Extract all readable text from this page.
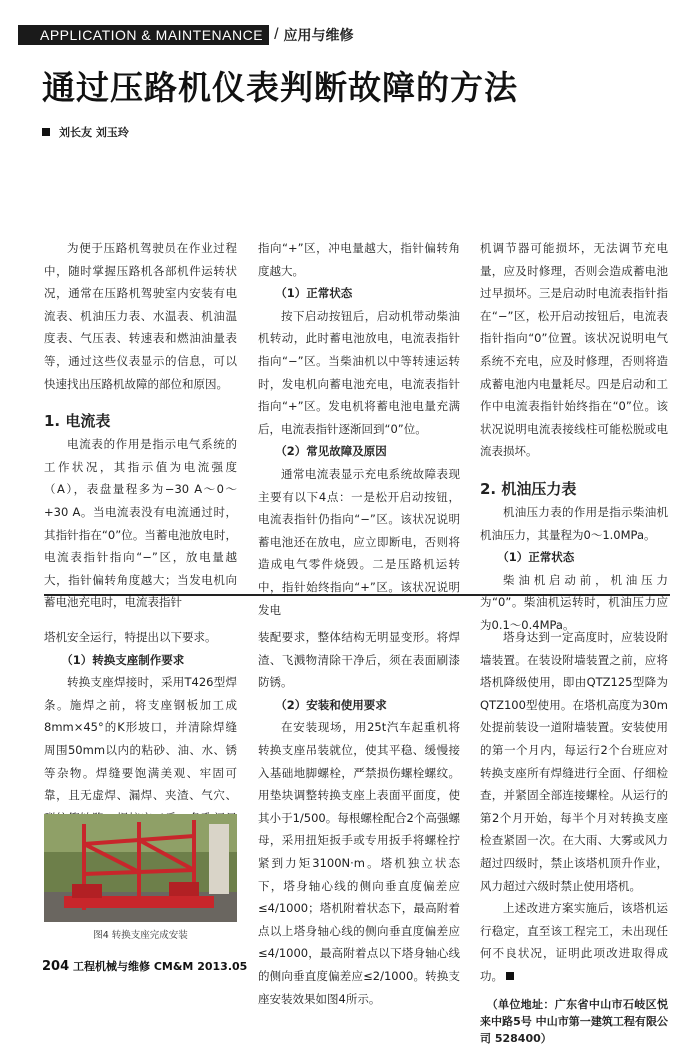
APPLICATION & MAINTENANCE / 应用与维修
通过压路机仪表判断故障的方法
刘长友 刘玉玲

为便于压路机驾驶员在作业过程中，随时掌握压路机各部机件运转状况，通常在压路机驾驶室内安装有电流表、机油压力表、水温表、机油温度表、气压表、转速表和燃油油量表等，通过这些仪表显示的信息，可以快速找出压路机故障的部位和原因。

1. 电流表

电流表的作用是指示电气系统的工作状况，其指示值为电流强度（A），表盘量程多为−30 A～0～+30 A。当电流表没有电流通过时，其指针指在“0”位。当蓄电池放电时，电流表指针指向“−”区，放电量越大，指针偏转角度越大；当发电机向蓄电池充电时，电流表指针

指向“+”区，冲电量越大，指针偏转角度越大。

（1）正常状态

按下启动按钮后，启动机带动柴油机转动，此时蓄电池放电，电流表指针指向“−”区。当柴油机以中等转速运转时，发电机向蓄电池充电，电流表指针指向“+”区。发电机将蓄电池电量充满后，电流表指针逐渐回到“0”位。

（2）常见故障及原因

通常电流表显示充电系统故障表现主要有以下4点：一是松开启动按钮，电流表指针仍指向“−”区。该状况说明蓄电池还在放电，应立即断电，否则将造成电气零件烧毁。二是压路机运转中，指针始终指向“+”区。该状况说明发电

机调节器可能损坏，无法调节充电量，应及时修理，否则会造成蓄电池过早损坏。三是启动时电流表指针指在“−”区，松开启动按钮后，电流表指针指向“0”位置。该状况说明电气系统不充电，应及时修理，否则将造成蓄电池内电量耗尽。四是启动和工作中电流表指针始终指在“0”位。该状况说明电流表接线柱可能松脱或电流表损坏。

2. 机油压力表

机油压力表的作用是指示柴油机机油压力，其量程为0～1.0MPa。

（1）正常状态

柴油机启动前，机油压力为“0”。柴油机运转时，机油压力应为0.1～0.4MPa。

塔机安全运行，特提出以下要求。

（1）转换支座制作要求

转换支座焊接时，采用T426型焊条。施焊之前，将支座钢板加工成8mm×45°的K形坡口，并清除焊缝周围50mm以内的粘砂、油、水、锈等杂物。焊缝要饱满美观、牢固可靠，且无虚焊、漏焊、夹渣、气穴、

图4 转换支座完成安装

装配要求，整体结构无明显变形。将焊渣、飞溅物清除干净后，须在表面刷漆防锈。

（2）安装和使用要求

在安装现场，用25t汽车起重机将转换支座吊装就位，使其平稳、缓慢接入基础地脚螺栓，严禁损伤螺栓螺纹。用垫块调整转换支座上表面平面度，使其小于1/500。每根螺栓配合2个高强螺母，采用扭矩扳手或专用扳手将螺栓拧紧到力矩3100N·m。塔机独立状态下，塔身轴心线的侧向垂直度偏差应≤4/1000；塔机附着状态下，最高附着点以上塔身轴心线的侧向垂直度偏差应≤4/1000，最高附着点以下塔身轴心线的侧向垂直度偏差应≤2/1000。转换支座安装效果如图4所示。

塔身达到一定高度时，应装设附墙装置。在装设附墙装置之前，应将塔机降级使用，即由QTZ125型降为QTZ100型使用。在塔机高度为30m处提前装设一道附墙装置。安装使用的第一个月内，每运行2个台班应对转换支座所有焊缝进行全面、仔细检查，并紧固全部连接螺栓。从运行的第2个月开始，每半个月对转换支座检查紧固一次。在大雨、大雾或风力超过四级时，禁止该塔机顶升作业，风力超过六级时禁止使用塔机。

上述改进方案实施后，该塔机运行稳定，直至该工程完工，未出现任何不良状况，证明此项改进取得成功。

（单位地址：广东省中山市石岐区悦来中路5号 中山市第一建筑工程有限公司 528400）
204 工程机械与维修 CM&M 2013.05
